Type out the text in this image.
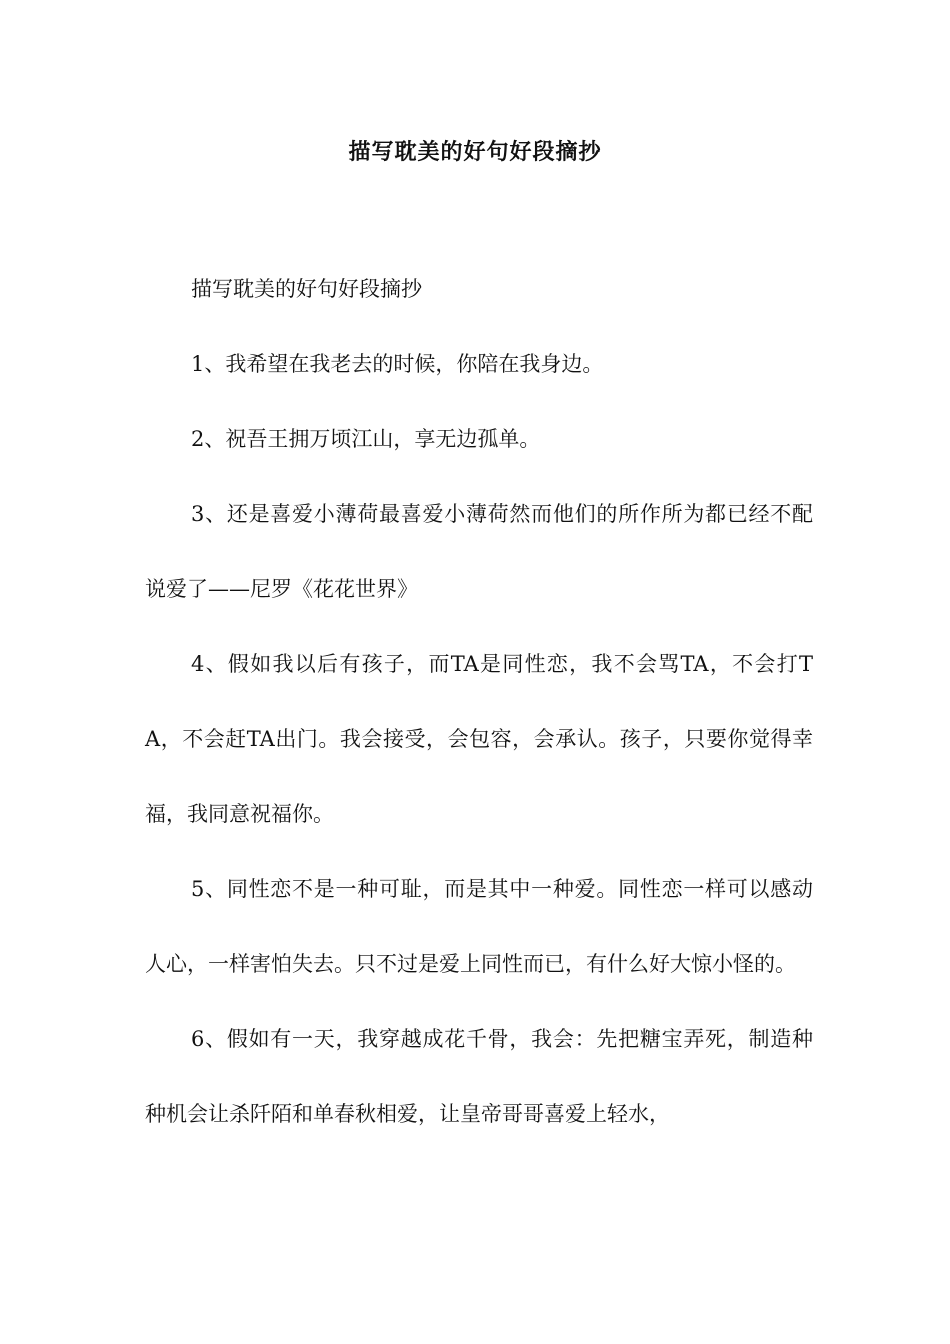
描写耽美的好句好段摘抄

描写耽美的好句好段摘抄

1、我希望在我老去的时候，你陪在我身边。

2、祝吾王拥万顷江山，享无边孤单。

3、还是喜爱小薄荷最喜爱小薄荷然而他们的所作所为都已经不配说爱了——尼罗《花花世界》

4、假如我以后有孩子，而TA是同性恋，我不会骂TA，不会打TA，不会赶TA出门。我会接受，会包容，会承认。孩子，只要你觉得幸福，我同意祝福你。

5、同性恋不是一种可耻，而是其中一种爱。同性恋一样可以感动人心，一样害怕失去。只不过是爱上同性而已，有什么好大惊小怪的。

6、假如有一天，我穿越成花千骨，我会：先把糖宝弄死，制造种种机会让杀阡陌和单春秋相爱，让皇帝哥哥喜爱上轻水，
